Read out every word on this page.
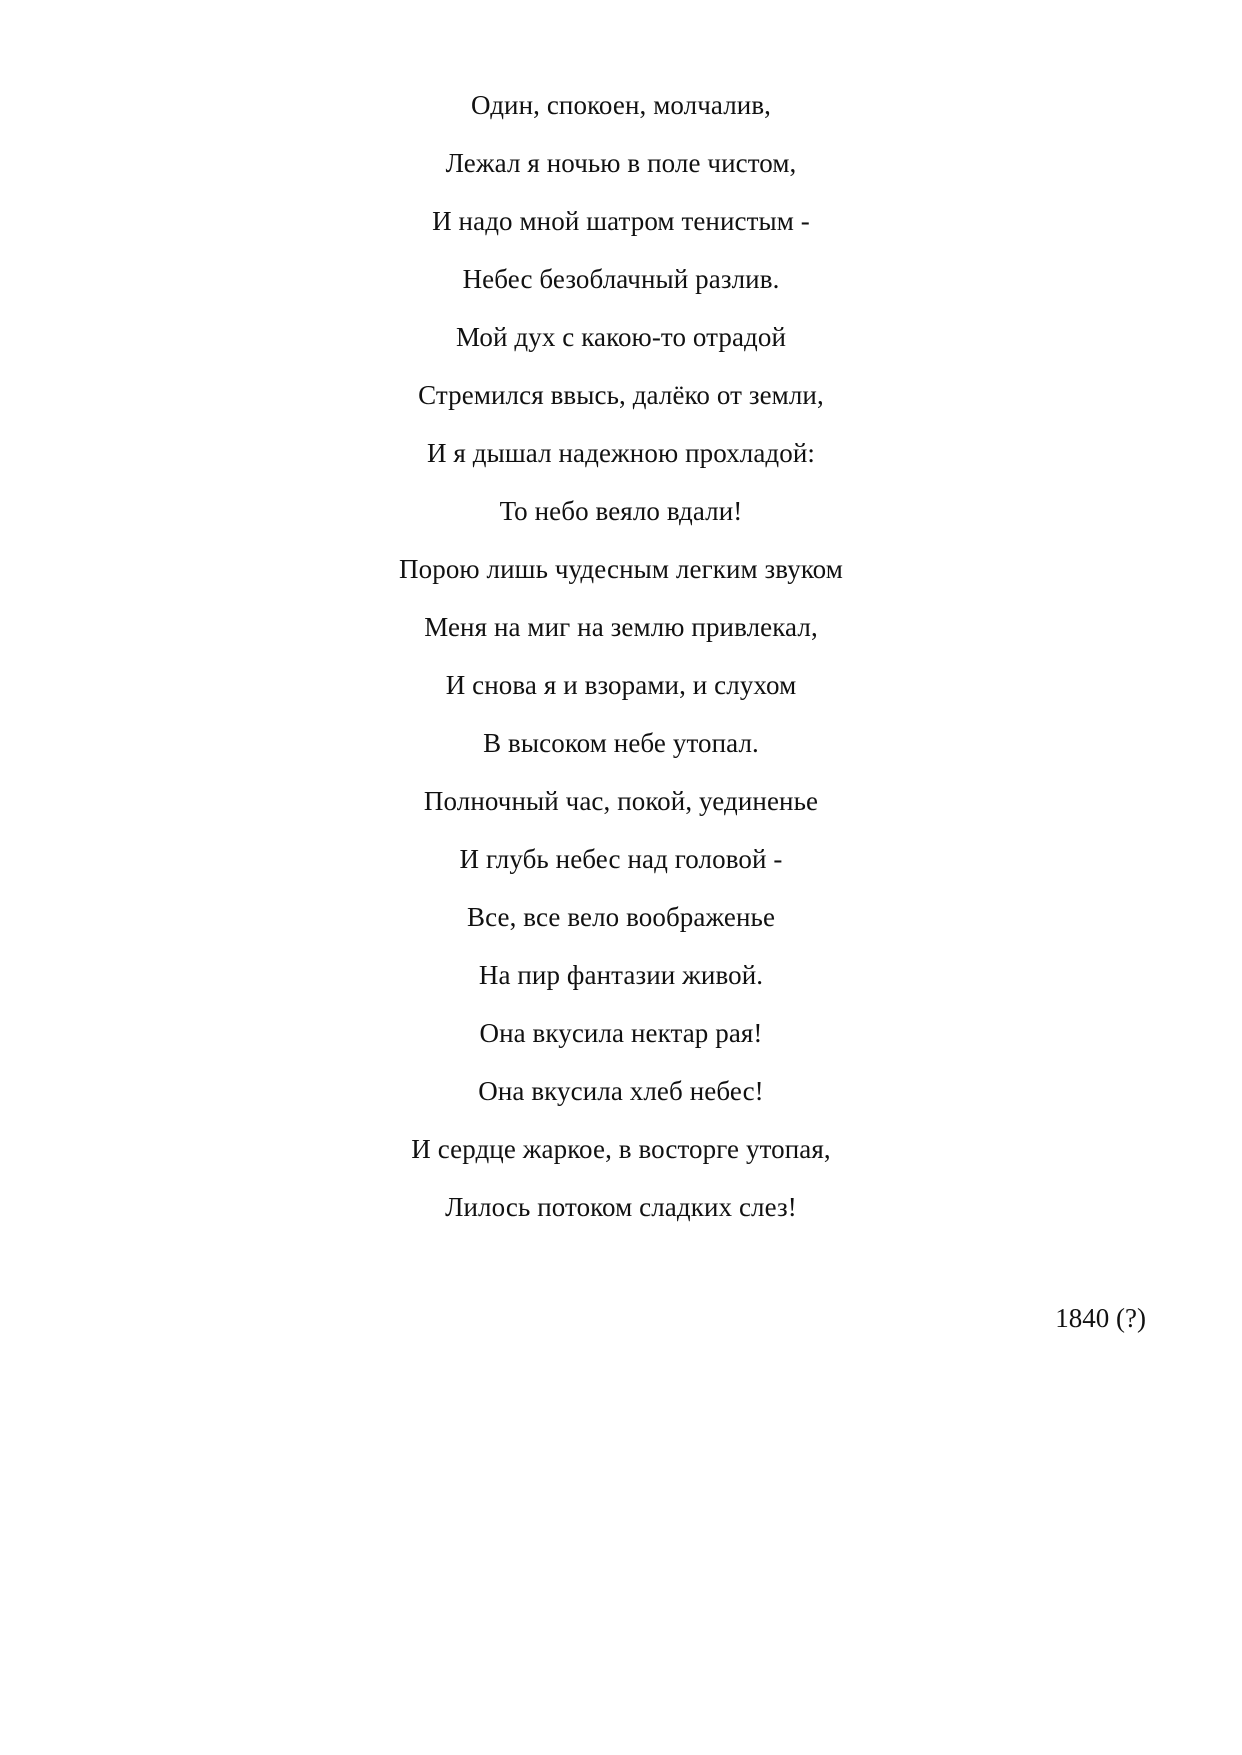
Один, спокоен, молчалив,
Лежал я ночью в поле чистом,
И надо мной шатром тенистым -
Небес безоблачный разлив.
Мой дух с какою-то отрадой
Стремился ввысь, далёко от земли,
И я дышал надежною прохладой:
То небо веяло вдали!
Порою лишь чудесным легким звуком
Меня на миг на землю привлекал,
И снова я и взорами, и слухом
В высоком небе утопал.
Полночный час, покой, уединенье
И глубь небес над головой -
Все, все вело воображенье
На пир фантазии живой.
Она вкусила нектар рая!
Она вкусила хлеб небес!
И сердце жаркое, в восторге утопая,
Лилось потоком сладких слез!
1840 (?)
